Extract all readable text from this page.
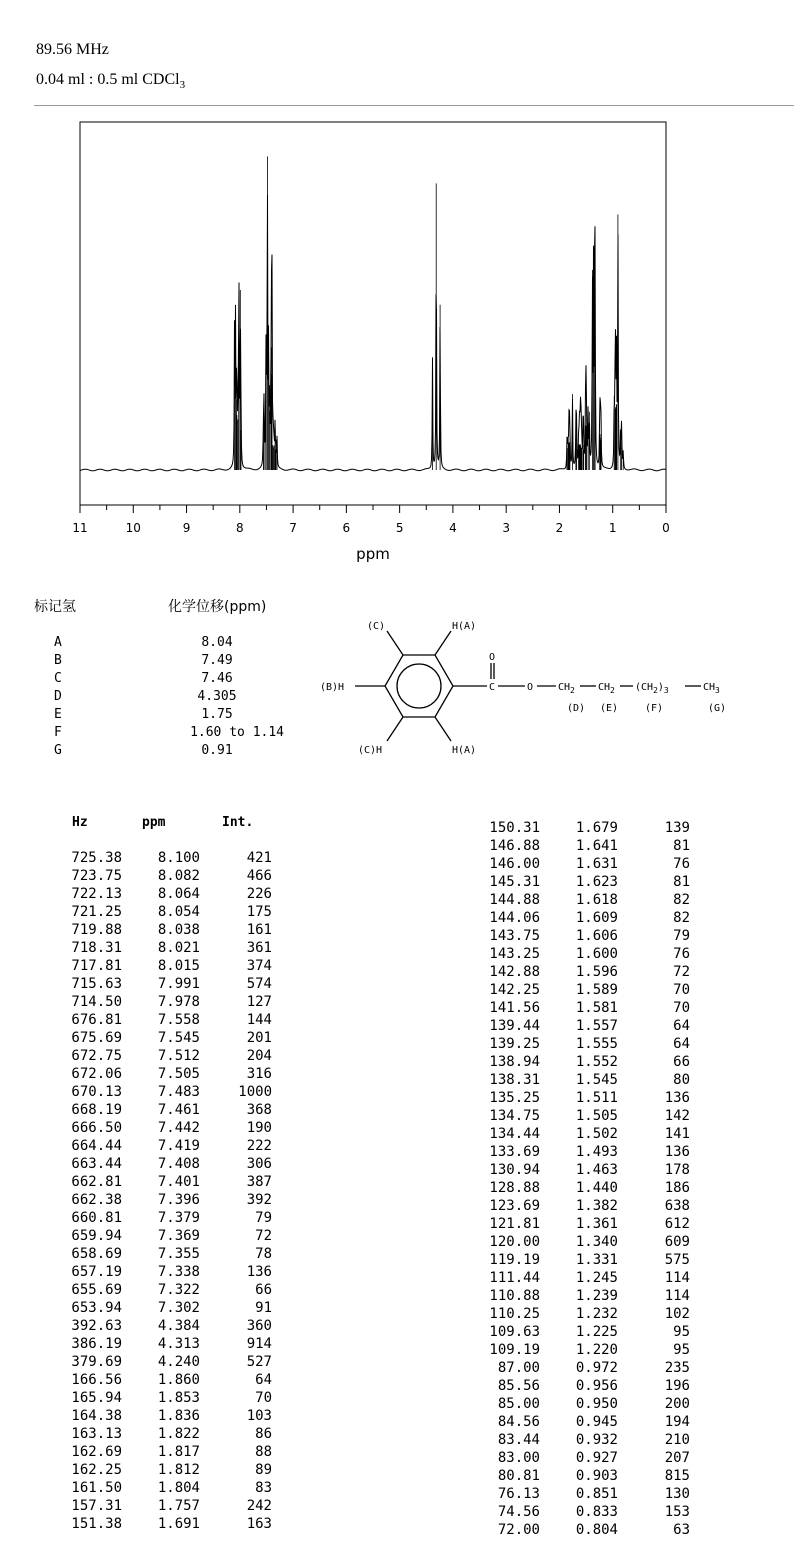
89.56 MHz
0.04 ml : 0.5 ml CDCl$_3$
11	10	9	8	7	6	5	4	3	2	1	0
ppm
标记氢	化学位移(ppm)
A	8.04
B	7.49
C	7.46
D	4.305
E	1.75
F	1.60 to 1.14
G	0.91
(C)	H(A)
(B)H
(C)H	H(A)
O
C	O $CH_2$ $CH_2$ $(CH_2)_3$	$CH_3$
(D) (E)	(F)	(G)
Hz	ppm	Int.
725.38	8.100	421
723.75	8.082	466
722.13	8.064	226
721.25	8.054	175
719.88	8.038	161
718.31	8.021	361
717.81	8.015	374
715.63	7.991	574
714.50	7.978	127
676.81	7.558	144
675.69	7.545	201
672.75	7.512	204
672.06	7.505	316
670.13	7.483	1000
668.19	7.461	368
666.50	7.442	190
664.44	7.419	222
663.44	7.408	306
662.81	7.401	387
662.38	7.396	392
660.81	7.379	79
659.94	7.369	72
658.69	7.355	78
657.19	7.338	136
655.69	7.322	66
653.94	7.302	91
392.63	4.384	360
386.19	4.313	914
379.69	4.240	527
166.56	1.860	64
165.94	1.853	70
164.38	1.836	103
163.13	1.822	86
162.69	1.817	88
162.25	1.812	89
161.50	1.804	83
157.31	1.757	242
151.38	1.691	163
150.31	1.679	139
146.88	1.641	81
146.00	1.631	76
145.31	1.623	81
144.88	1.618	82
144.06	1.609	82
143.75	1.606	79
143.25	1.600	76
142.88	1.596	72
142.25	1.589	70
141.56	1.581	70
139.44	1.557	64
139.25	1.555	64
138.94	1.552	66
138.31	1.545	80
135.25	1.511	136
134.75	1.505	142
134.44	1.502	141
133.69	1.493	136
130.94	1.463	178
128.88	1.440	186
123.69	1.382	638
121.81	1.361	612
120.00	1.340	609
119.19	1.331	575
111.44	1.245	114
110.88	1.239	114
110.25	1.232	102
109.63	1.225	95
109.19	1.220	95
87.00	0.972	235
85.56	0.956	196
85.00	0.950	200
84.56	0.945	194
83.44	0.932	210
83.00	0.927	207
80.81	0.903	815
76.13	0.851	130
74.56	0.833	153
72.00	0.804	63
